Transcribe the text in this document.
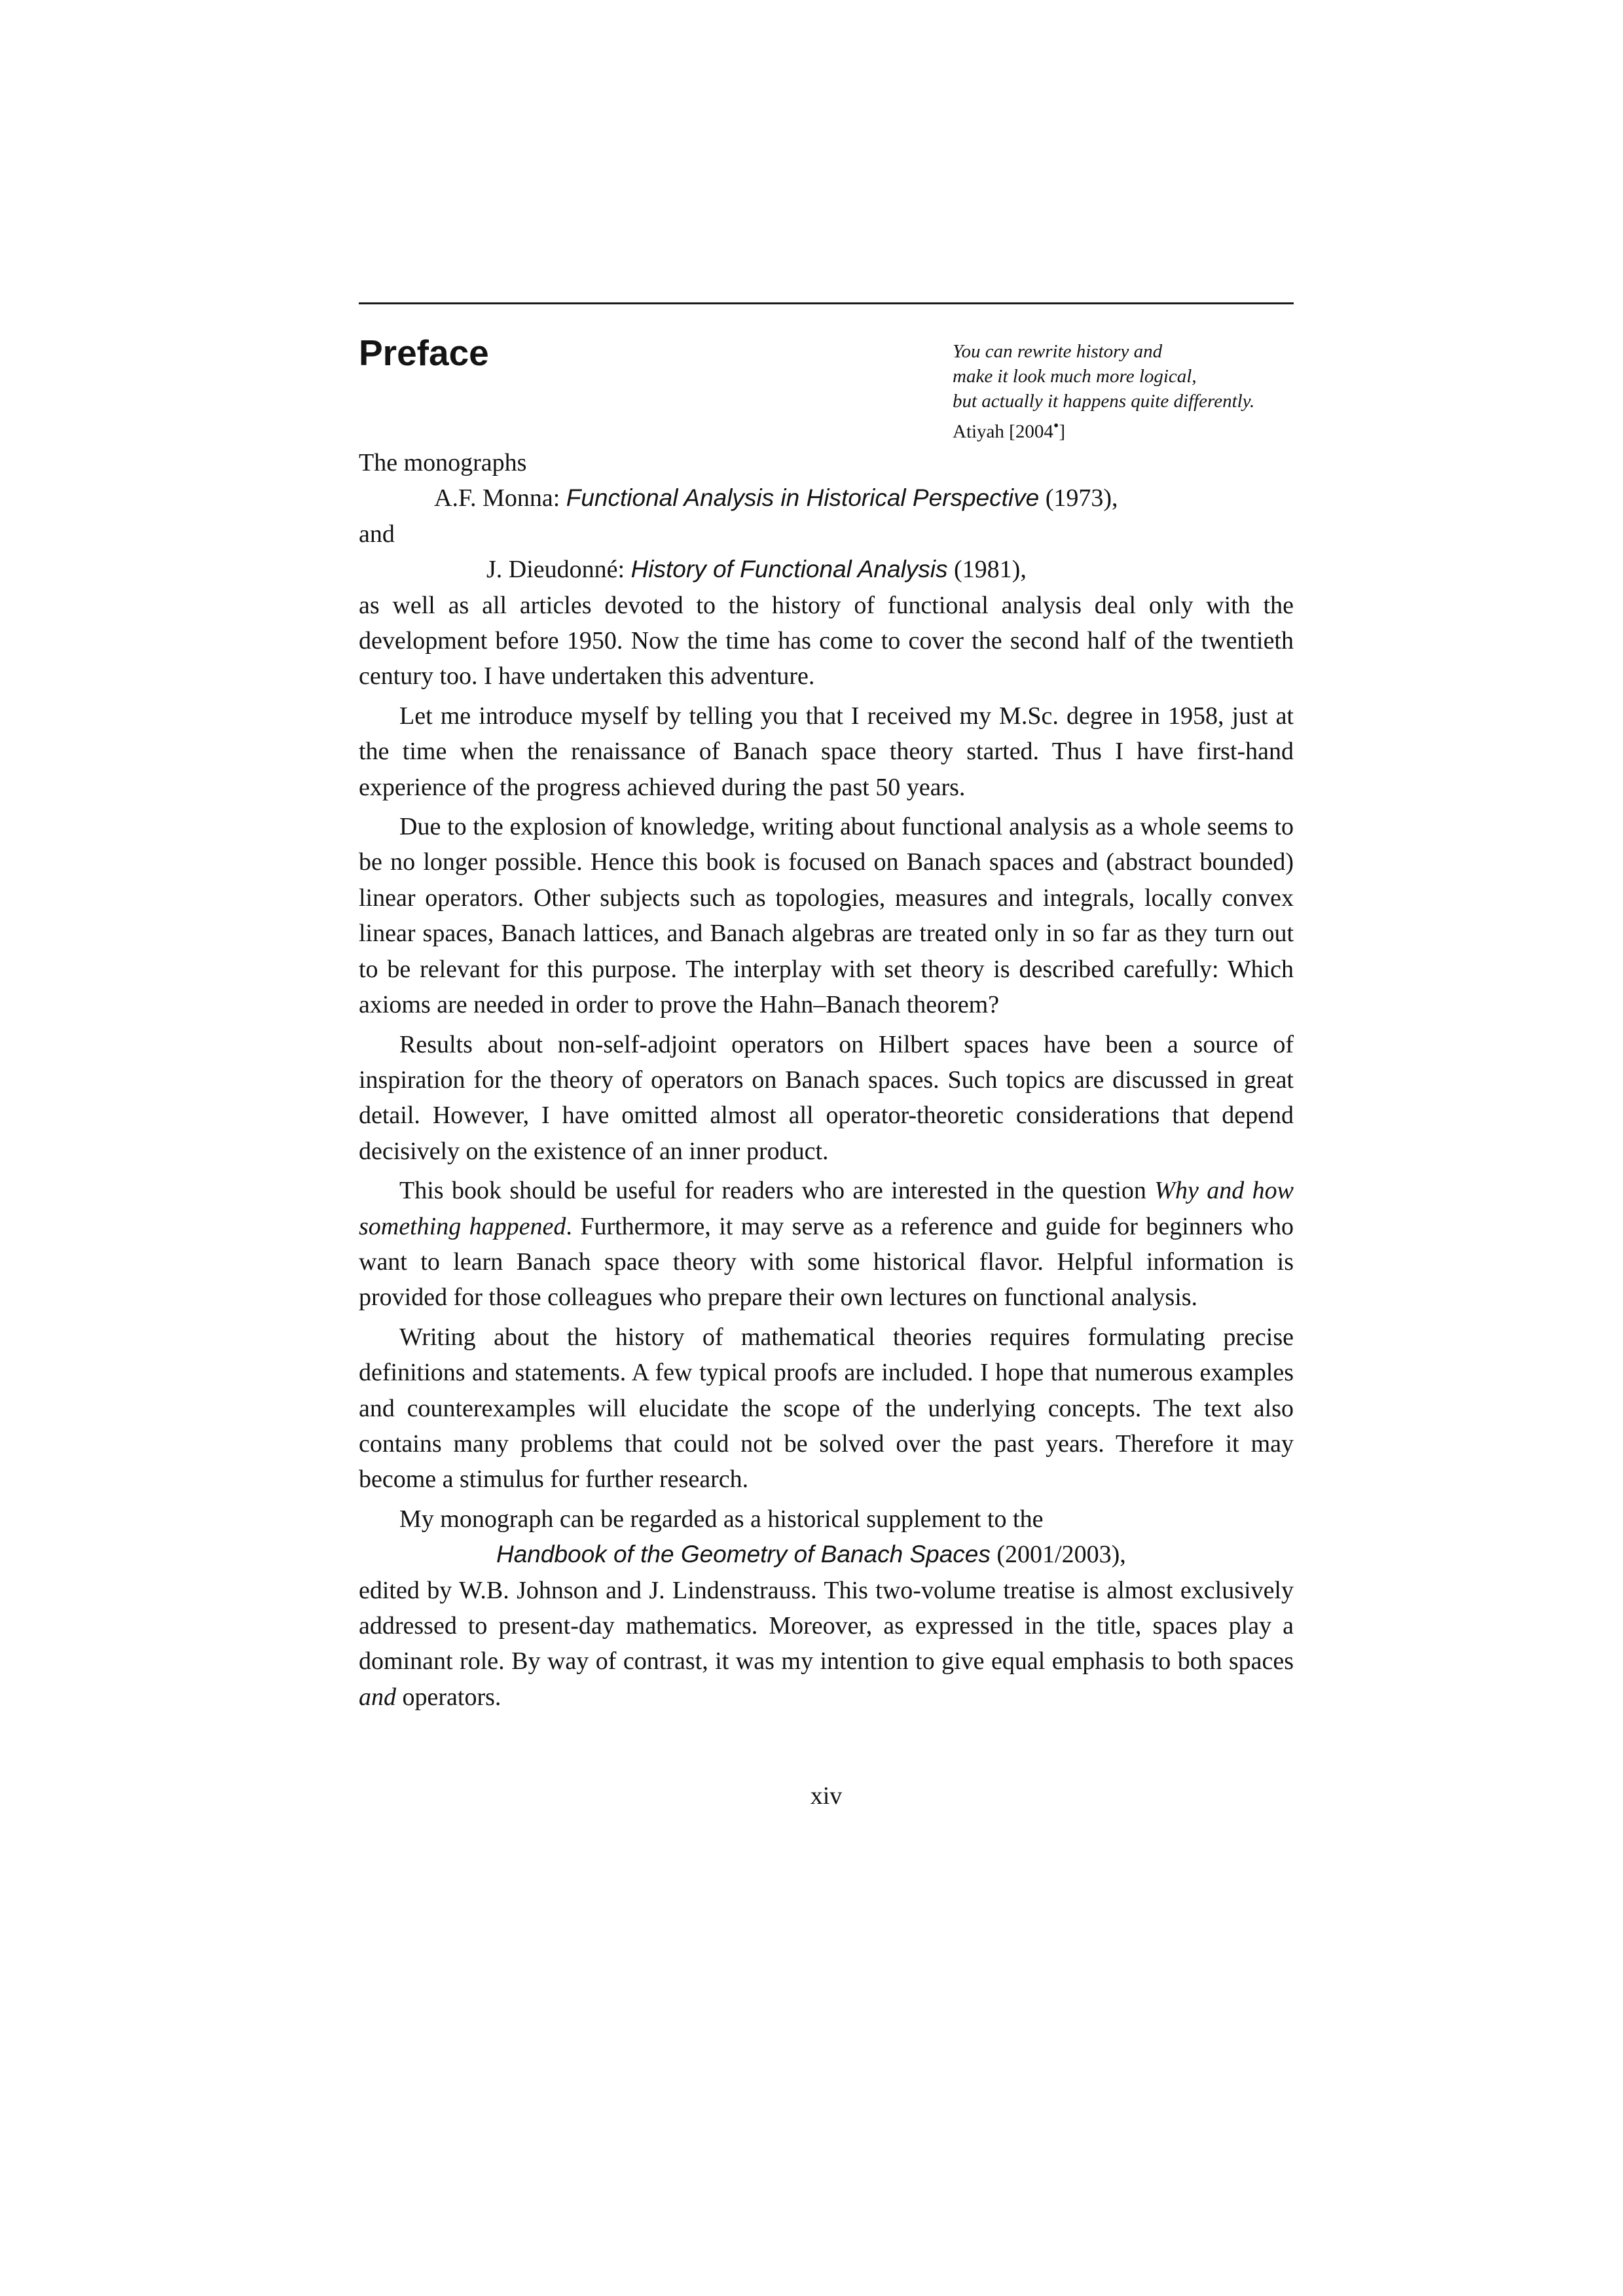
Preface	You can rewrite history and
make it look much more logical,
but actually it happens quite differently.
Atiyah [2004•]

The monographs

A.F. Monna: Functional Analysis in Historical Perspective (1973),

and

J. Dieudonné: History of Functional Analysis (1981),

as well as all articles devoted to the history of functional analysis deal only with the development before 1950. Now the time has come to cover the second half of the twentieth century too. I have undertaken this adventure.

Let me introduce myself by telling you that I received my M.Sc. degree in 1958, just at the time when the renaissance of Banach space theory started. Thus I have first-hand experience of the progress achieved during the past 50 years.

Due to the explosion of knowledge, writing about functional analysis as a whole seems to be no longer possible. Hence this book is focused on Banach spaces and (abstract bounded) linear operators. Other subjects such as topologies, measures and integrals, locally convex linear spaces, Banach lattices, and Banach algebras are treated only in so far as they turn out to be relevant for this purpose. The interplay with set theory is described carefully: Which axioms are needed in order to prove the Hahn–Banach theorem?

Results about non-self-adjoint operators on Hilbert spaces have been a source of inspiration for the theory of operators on Banach spaces. Such topics are discussed in great detail. However, I have omitted almost all operator-theoretic considerations that depend decisively on the existence of an inner product.

This book should be useful for readers who are interested in the question Why and how something happened. Furthermore, it may serve as a reference and guide for beginners who want to learn Banach space theory with some historical flavor. Helpful information is provided for those colleagues who prepare their own lectures on functional analysis.

Writing about the history of mathematical theories requires formulating precise definitions and statements. A few typical proofs are included. I hope that numerous examples and counterexamples will elucidate the scope of the underlying concepts. The text also contains many problems that could not be solved over the past years. Therefore it may become a stimulus for further research.

My monograph can be regarded as a historical supplement to the

Handbook of the Geometry of Banach Spaces (2001/2003),

edited by W.B. Johnson and J. Lindenstrauss. This two-volume treatise is almost exclusively addressed to present-day mathematics. Moreover, as expressed in the title, spaces play a dominant role. By way of contrast, it was my intention to give equal emphasis to both spaces and operators.

xiv
